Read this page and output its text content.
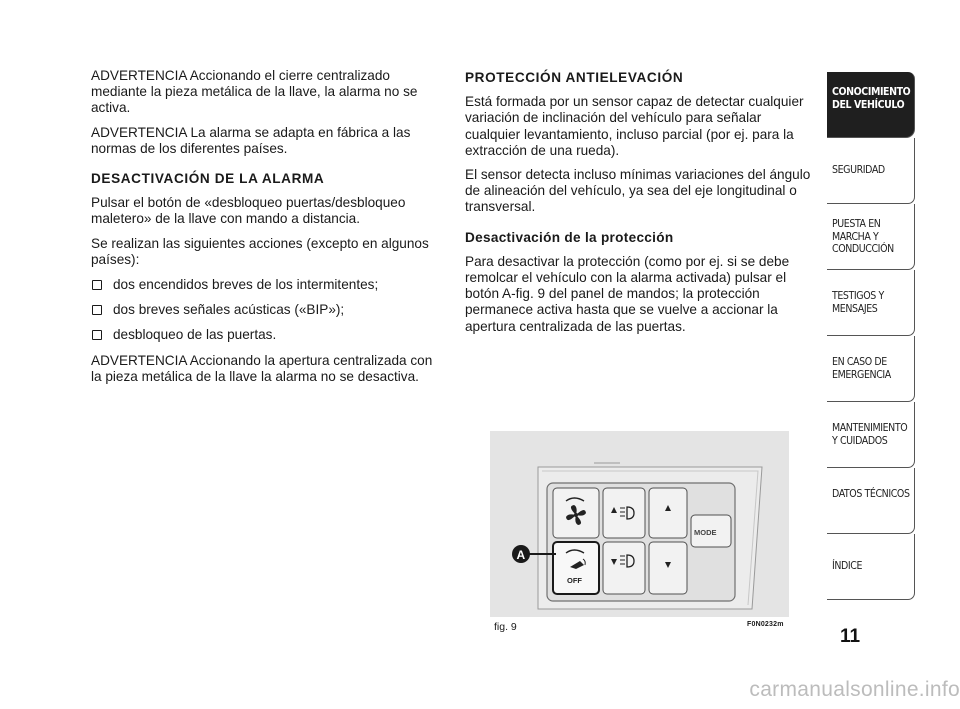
ADVERTENCIA Accionando el cierre centralizado mediante la pieza metálica de la llave, la alarma no se activa.

ADVERTENCIA La alarma se adapta en fábrica a las normas de los diferentes países.

DESACTIVACIÓN DE LA ALARMA

Pulsar el botón de «desbloqueo puertas/desbloqueo maletero» de la llave con mando a distancia.

Se realizan las siguientes acciones (excepto en algunos países):

dos encendidos breves de los intermitentes;

dos breves señales acústicas («BIP»);

desbloqueo de las puertas.

ADVERTENCIA Accionando la apertura centralizada con la pieza metálica de la llave la alarma no se desactiva.

PROTECCIÓN ANTIELEVACIÓN

Está formada por un sensor capaz de detectar cualquier variación de inclinación del vehículo para señalar cualquier levantamiento, incluso parcial (por ej. para la extracción de una rueda).

El sensor detecta incluso mínimas variaciones del ángulo de alineación del vehículo, ya sea del eje longitudinal o transversal.

Desactivación de la protección

Para desactivar la protección (como por ej. si se debe remolcar el vehículo con la alarma activada) pulsar el botón A-fig. 9 del panel de mandos; la protección permanece activa hasta que se vuelve a accionar la apertura centralizada de las puertas.

OFF
MODE
A
fig. 9	F0N0232m
CONOCIMIENTO DEL VEHÍCULO
SEGURIDAD
PUESTA EN MARCHA Y CONDUCCIÓN
TESTIGOS Y MENSAJES
EN CASO DE EMERGENCIA
MANTENIMIENTO Y CUIDADOS
DATOS TÉCNICOS
ÍNDICE
11
carmanualsonline.info
